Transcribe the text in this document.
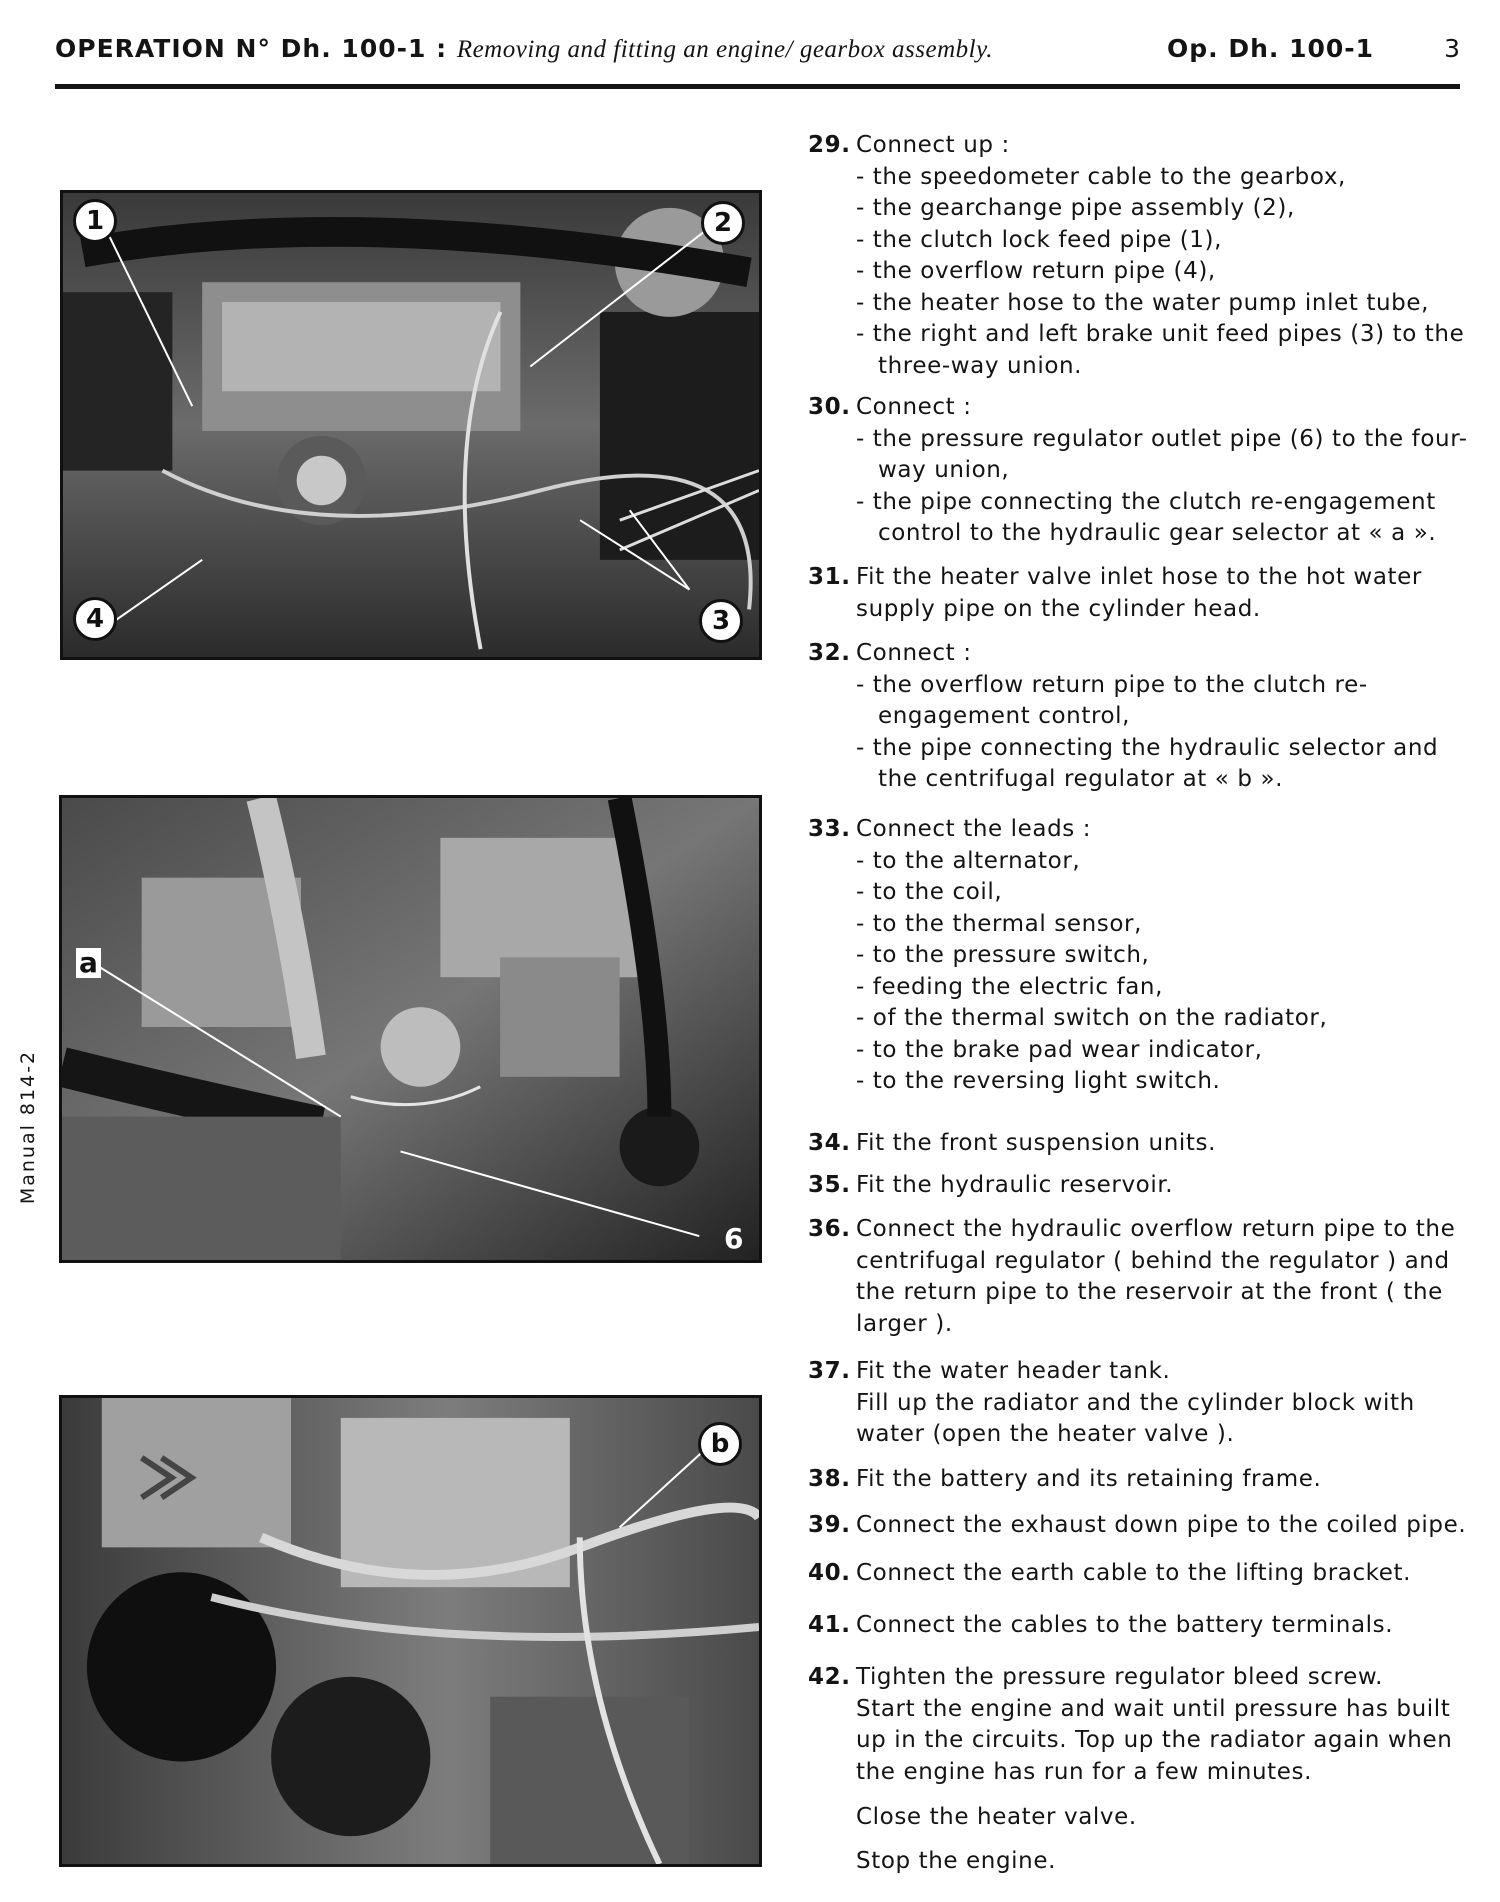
OPERATION N° Dh. 100-1 : Removing and fitting an engine/ gearbox assembly.	Op. Dh. 100-1	3
Manual 814-2
1	2
3
4
a
6
b
29. Connect up :
- the speedometer cable to the gearbox,
- the gearchange pipe assembly (2),
- the clutch lock feed pipe (1),
- the overflow return pipe (4),
- the heater hose to the water pump inlet tube,
- the right and left brake unit feed pipes (3) to the three-way union.
30. Connect :
- the pressure regulator outlet pipe (6) to the four-way union,
- the pipe connecting the clutch re-engagement control to the hydraulic gear selector at « a ».
31. Fit the heater valve inlet hose to the hot water supply pipe on the cylinder head.
32. Connect :
- the overflow return pipe to the clutch re-engagement control,
- the pipe connecting the hydraulic selector and the centrifugal regulator at « b ».
33. Connect the leads :
- to the alternator,
- to the coil,
- to the thermal sensor,
- to the pressure switch,
- feeding the electric fan,
- of the thermal switch on the radiator,
- to the brake pad wear indicator,
- to the reversing light switch.
34. Fit the front suspension units.
35. Fit the hydraulic reservoir.
36. Connect the hydraulic overflow return pipe to the centrifugal regulator ( behind the regulator ) and the return pipe to the reservoir at the front ( the larger ).
37. Fit the water header tank.
Fill up the radiator and the cylinder block with water (open the heater valve ).
38. Fit the battery and its retaining frame.
39. Connect the exhaust down pipe to the coiled pipe.
40. Connect the earth cable to the lifting bracket.
41. Connect the cables to the battery terminals.
42. Tighten the pressure regulator bleed screw.
Start the engine and wait until pressure has built up in the circuits. Top up the radiator again when the engine has run for a few minutes.
Close the heater valve.
Stop the engine.
